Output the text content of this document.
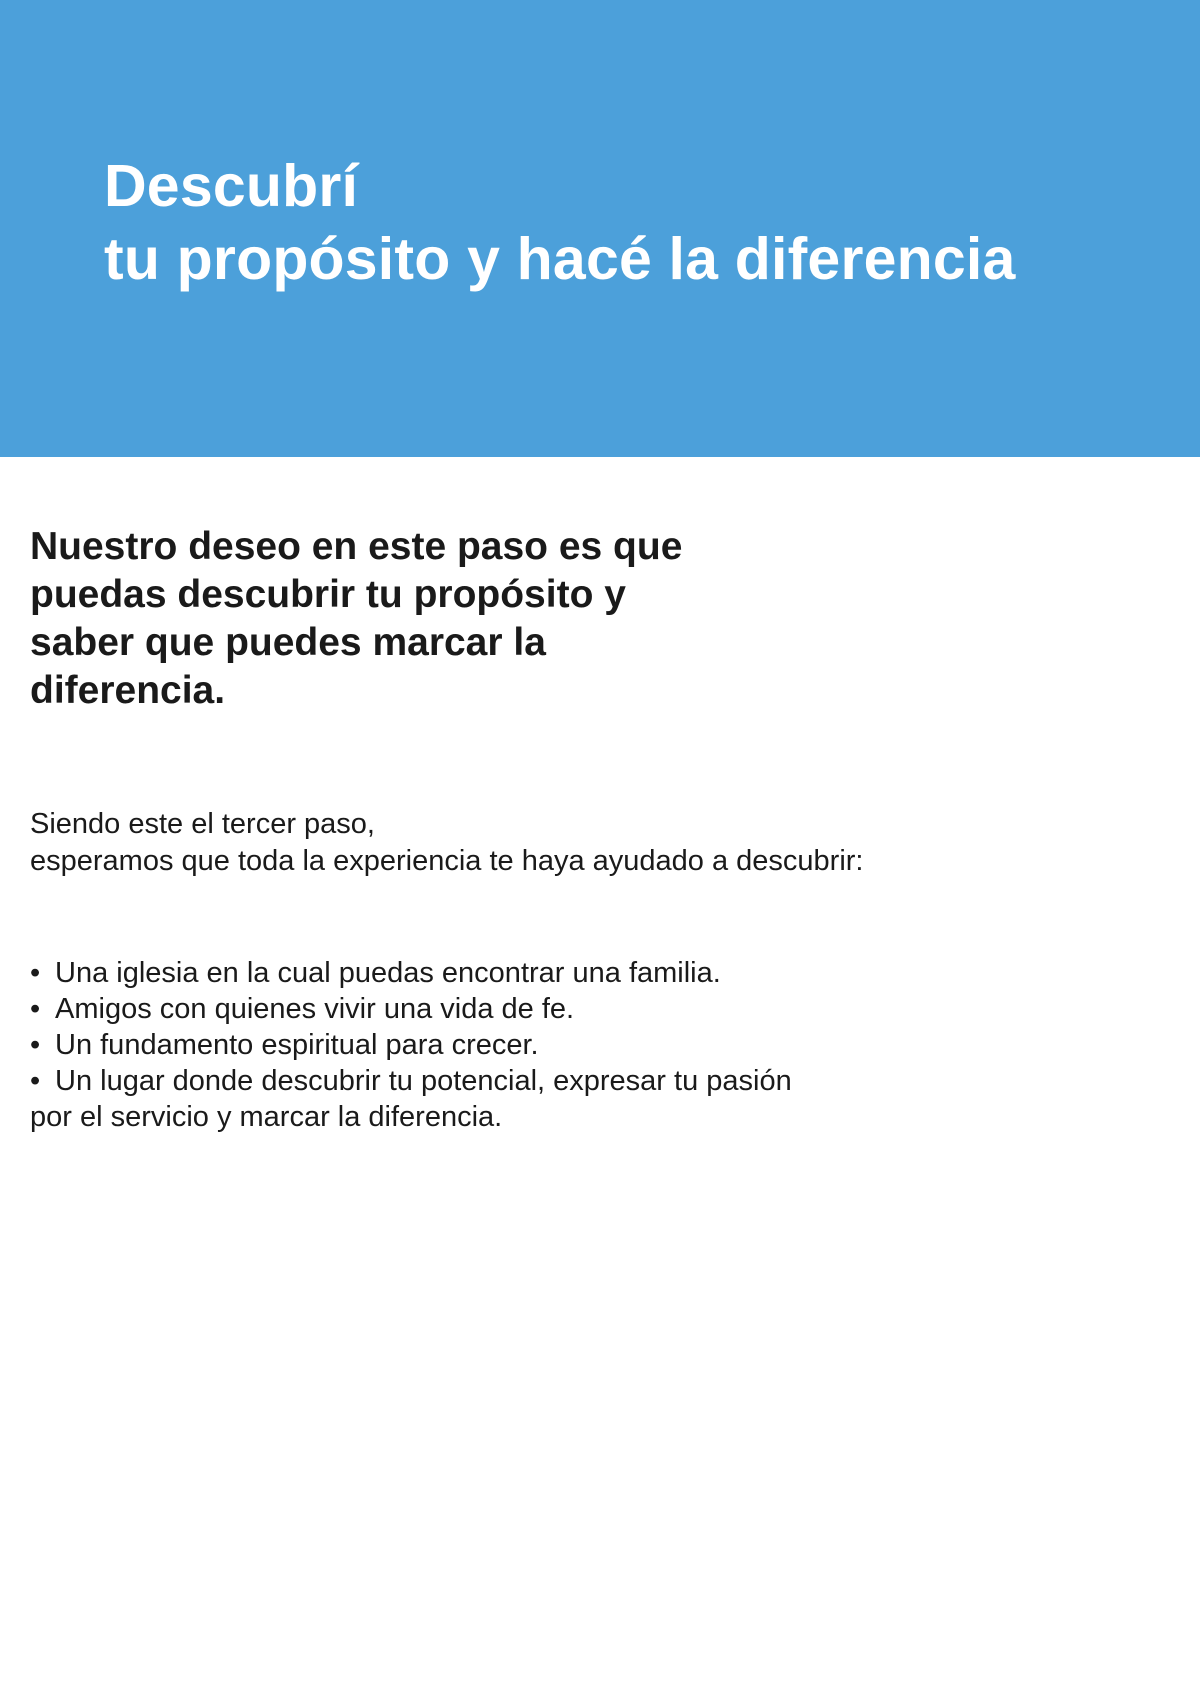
Descubrí
tu propósito y hacé la diferencia
Nuestro deseo en este paso es que
puedas descubrir tu propósito y
saber que puedes marcar la
diferencia.
Siendo este el tercer paso,
esperamos que toda la experiencia te haya ayudado a descubrir:
• Una iglesia en la cual puedas encontrar una familia.
• Amigos con quienes vivir una vida de fe.
• Un fundamento espiritual para crecer.
• Un lugar donde descubrir tu potencial, expresar tu pasión
por el servicio y marcar la diferencia.
